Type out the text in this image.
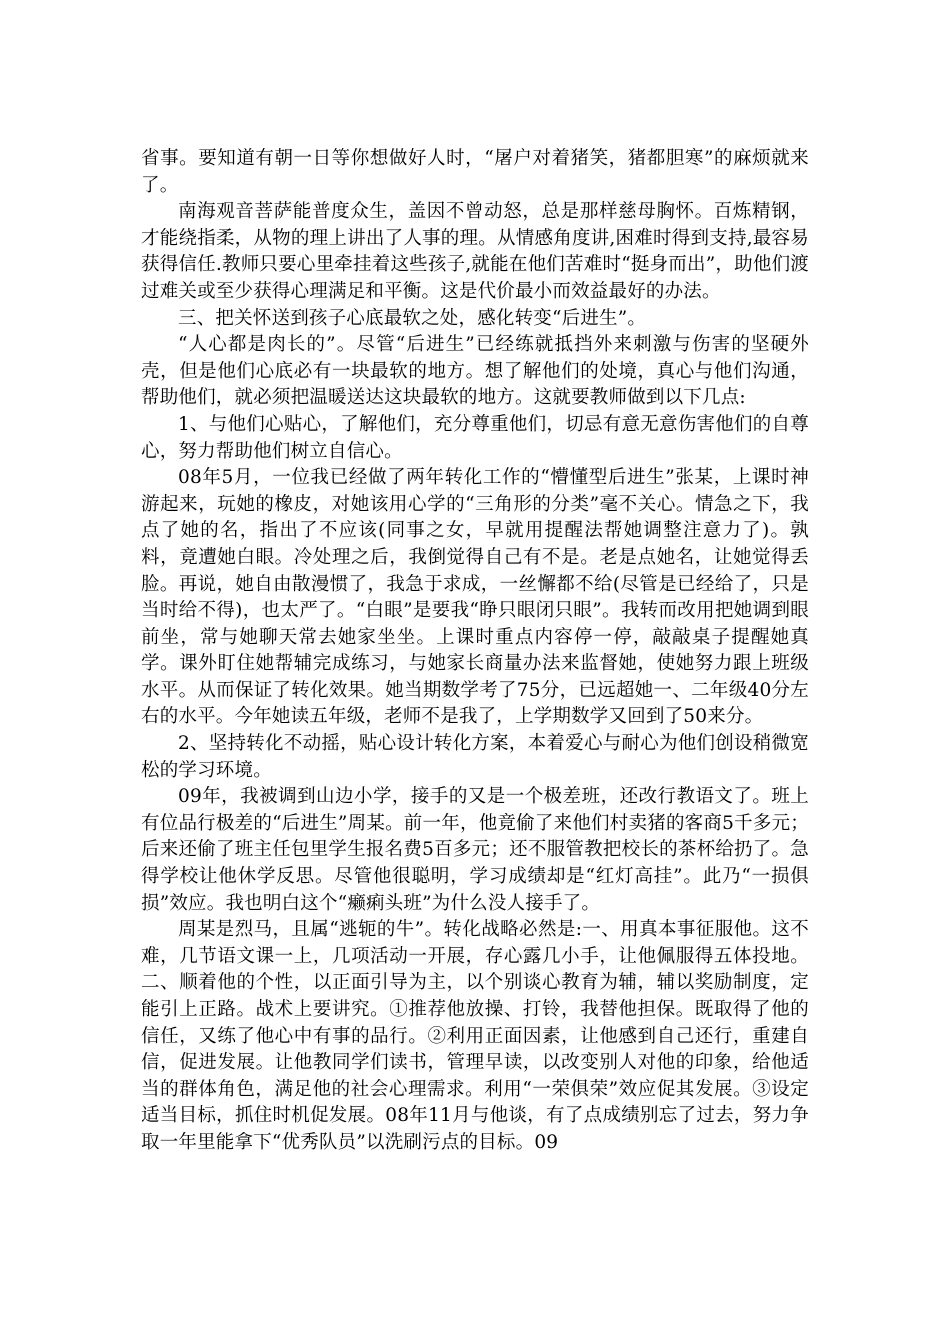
省事。要知道有朝一日等你想做好人时，“屠户对着猪笑，猪都胆寒”的麻烦就来了。

南海观音菩萨能普度众生，盖因不曾动怒，总是那样慈母胸怀。百炼精钢，才能绕指柔，从物的理上讲出了人事的理。从情感角度讲,困难时得到支持,最容易获得信任.教师只要心里牵挂着这些孩子,就能在他们苦难时“挺身而出”，助他们渡过难关或至少获得心理满足和平衡。这是代价最小而效益最好的办法。

三、把关怀送到孩子心底最软之处，感化转变“后进生”。

“人心都是肉长的”。尽管“后进生”已经练就抵挡外来刺激与伤害的坚硬外壳，但是他们心底必有一块最软的地方。想了解他们的处境，真心与他们沟通，帮助他们，就必须把温暖送达这块最软的地方。这就要教师做到以下几点:

1、与他们心贴心，了解他们，充分尊重他们，切忌有意无意伤害他们的自尊心，努力帮助他们树立自信心。

08年5月，一位我已经做了两年转化工作的“懵懂型后进生”张某，上课时神游起来，玩她的橡皮，对她该用心学的“三角形的分类”毫不关心。情急之下，我点了她的名，指出了不应该(同事之女，早就用提醒法帮她调整注意力了)。孰料，竟遭她白眼。冷处理之后，我倒觉得自己有不是。老是点她名，让她觉得丢脸。再说，她自由散漫惯了，我急于求成，一丝懈都不给(尽管是已经给了，只是当时给不得)，也太严了。“白眼”是要我“睁只眼闭只眼”。我转而改用把她调到眼前坐，常与她聊天常去她家坐坐。上课时重点内容停一停，敲敲桌子提醒她真学。课外盯住她帮辅完成练习，与她家长商量办法来监督她，使她努力跟上班级水平。从而保证了转化效果。她当期数学考了75分，已远超她一、二年级40分左右的水平。今年她读五年级，老师不是我了，上学期数学又回到了50来分。

2、坚持转化不动摇，贴心设计转化方案，本着爱心与耐心为他们创设稍微宽松的学习环境。

09年，我被调到山边小学，接手的又是一个极差班，还改行教语文了。班上有位品行极差的“后进生”周某。前一年，他竟偷了来他们村卖猪的客商5千多元；后来还偷了班主任包里学生报名费5百多元；还不服管教把校长的茶杯给扔了。急得学校让他休学反思。尽管他很聪明，学习成绩却是“红灯高挂”。此乃“一损俱损”效应。我也明白这个“癞痢头班”为什么没人接手了。

周某是烈马，且属“逃轭的牛”。转化战略必然是:一、用真本事征服他。这不难，几节语文课一上，几项活动一开展，存心露几小手，让他佩服得五体投地。二、顺着他的个性，以正面引导为主，以个别谈心教育为辅，辅以奖励制度，定能引上正路。战术上要讲究。①推荐他放操、打铃，我替他担保。既取得了他的信任，又练了他心中有事的品行。②利用正面因素，让他感到自己还行，重建自信，促进发展。让他教同学们读书，管理早读，以改变别人对他的印象，给他适当的群体角色，满足他的社会心理需求。利用“一荣俱荣”效应促其发展。③设定适当目标，抓住时机促发展。08年11月与他谈，有了点成绩别忘了过去，努力争取一年里能拿下“优秀队员”以洗刷污点的目标。09
